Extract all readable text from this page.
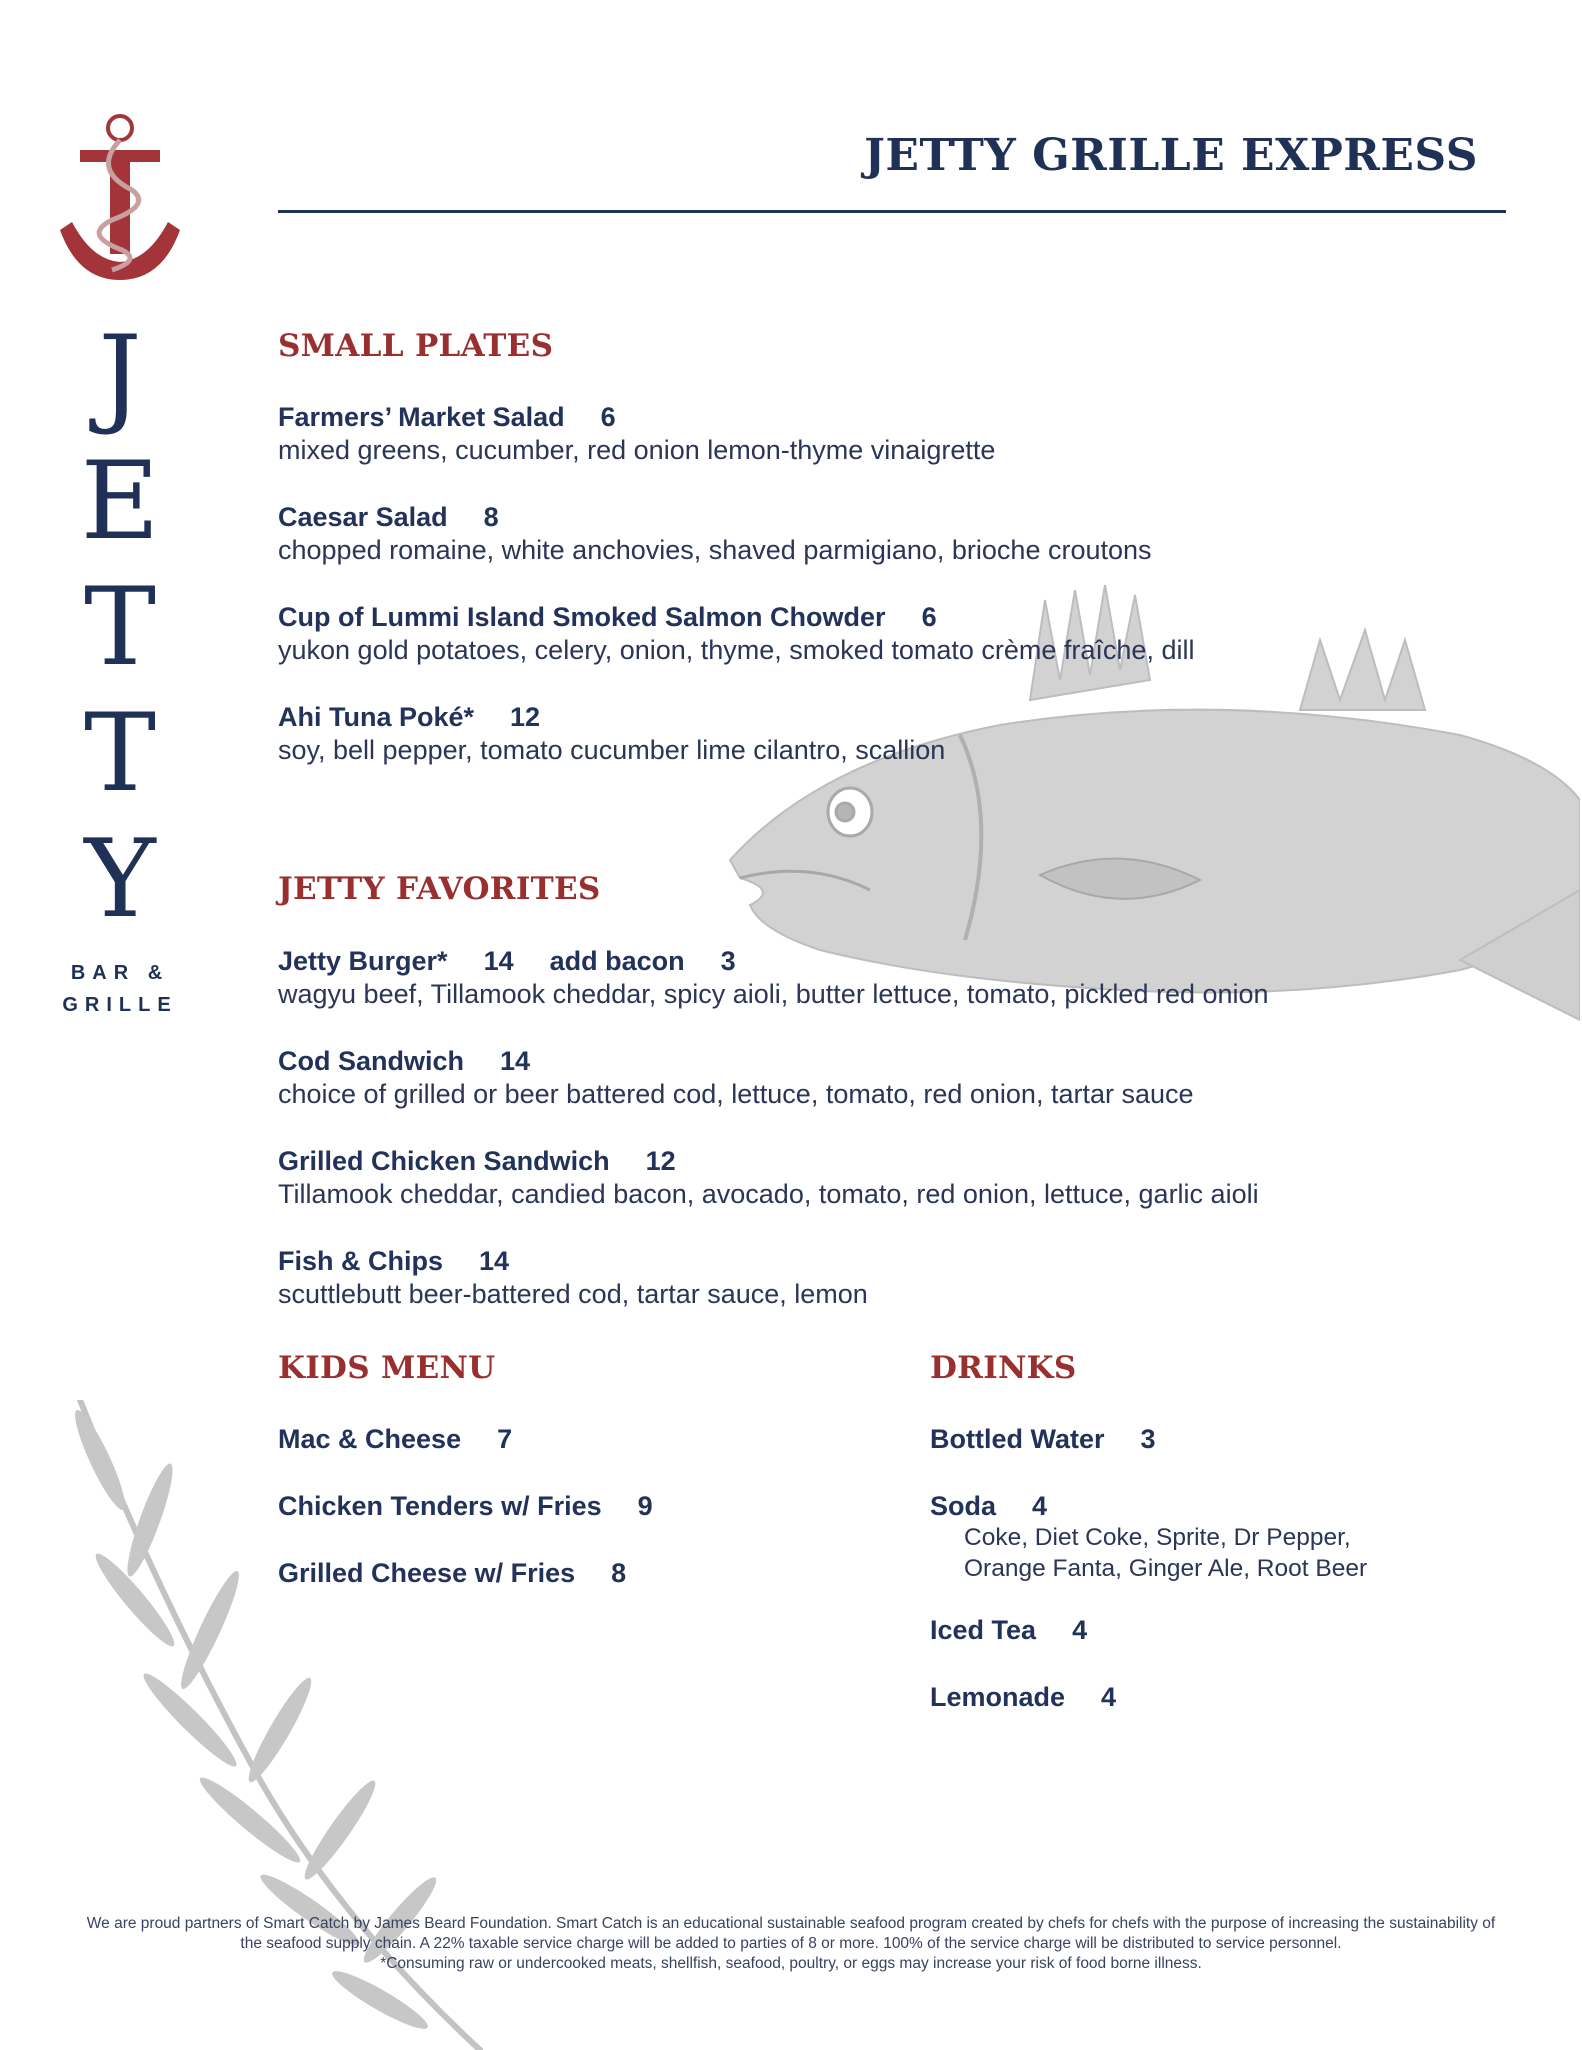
J
E
T
T
Y
BAR &
GRILLE
JETTY GRILLE EXPRESS
SMALL PLATES
Farmers’ Market Salad 6
mixed greens, cucumber, red onion lemon-thyme vinaigrette
Caesar Salad 8
chopped romaine, white anchovies, shaved parmigiano, brioche croutons
Cup of Lummi Island Smoked Salmon Chowder 6
yukon gold potatoes, celery, onion, thyme, smoked tomato crème fraîche, dill
Ahi Tuna Poké* 12
soy, bell pepper, tomato cucumber lime cilantro, scallion
JETTY FAVORITES
Jetty Burger* 14 add bacon 3
wagyu beef, Tillamook cheddar, spicy aioli, butter lettuce, tomato, pickled red onion
Cod Sandwich 14
choice of grilled or beer battered cod, lettuce, tomato, red onion, tartar sauce
Grilled Chicken Sandwich 12
Tillamook cheddar, candied bacon, avocado, tomato, red onion, lettuce, garlic aioli
Fish & Chips 14
scuttlebutt beer-battered cod, tartar sauce, lemon
KIDS MENU
Mac & Cheese 7
Chicken Tenders w/ Fries 9
Grilled Cheese w/ Fries 8
DRINKS
Bottled Water 3
Soda 4
Coke, Diet Coke, Sprite, Dr Pepper,
Orange Fanta, Ginger Ale, Root Beer
Iced Tea 4
Lemonade 4
We are proud partners of Smart Catch by James Beard Foundation. Smart Catch is an educational sustainable seafood program created by chefs for chefs with the purpose of increasing the sustainability of the seafood supply chain. A 22% taxable service charge will be added to parties of 8 or more. 100% of the service charge will be distributed to service personnel.
*Consuming raw or undercooked meats, shellfish, seafood, poultry, or eggs may increase your risk of food borne illness.
